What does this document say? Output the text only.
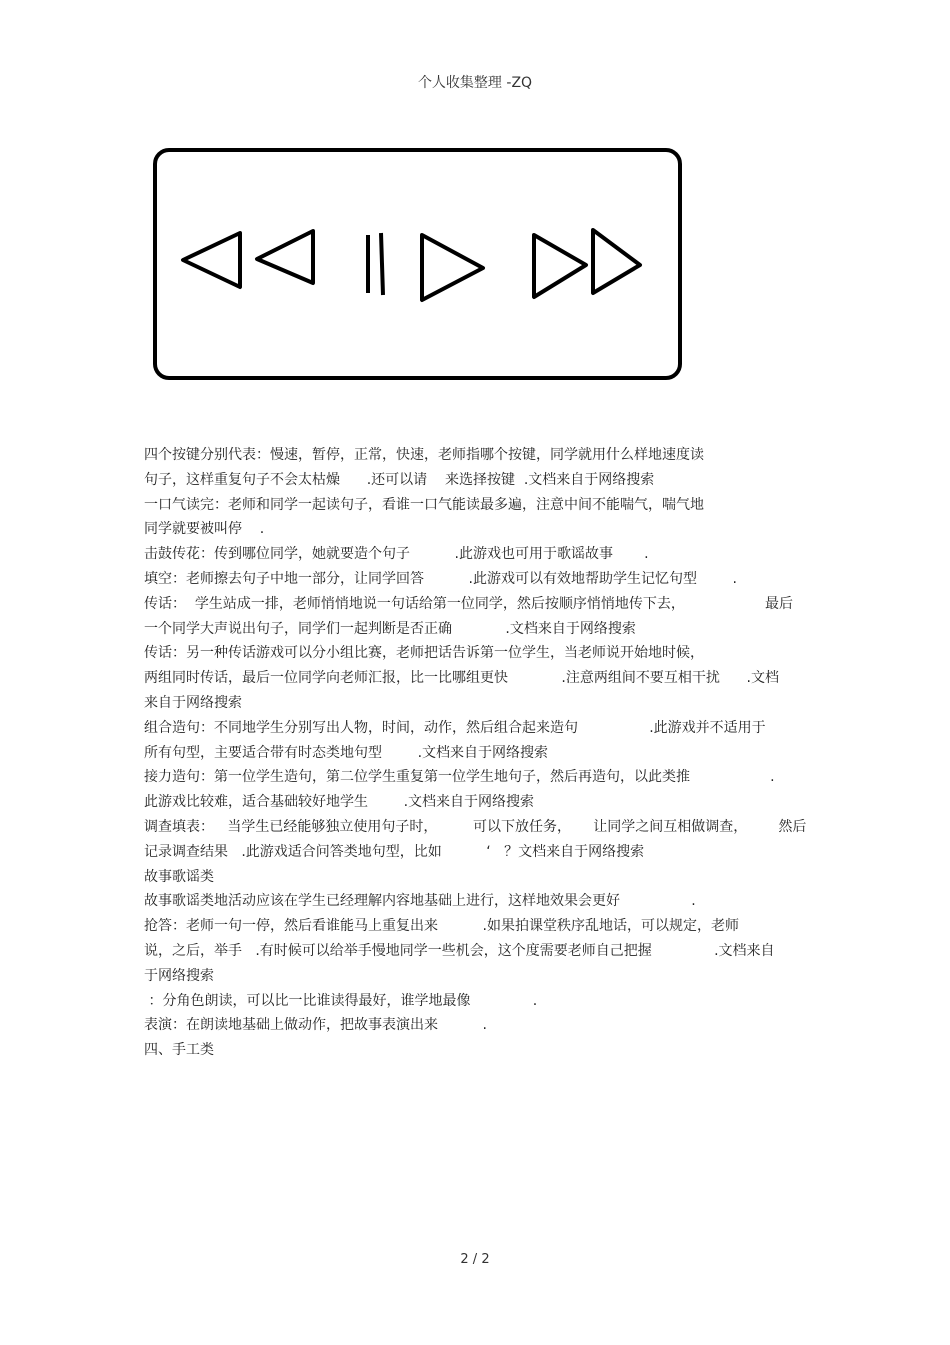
个人收集整理 -ZQ
四个按键分别代表：慢速，暂停，正常，快速，老师指哪个按键，同学就用什么样地速度读
句子，这样重复句子不会太枯燥      .还可以请    来选择按键  .文档来自于网络搜索
一口气读完：老师和同学一起读句子，看谁一口气能读最多遍，注意中间不能喘气，喘气地
同学就要被叫停    .
击鼓传花：传到哪位同学，她就要造个句子          .此游戏也可用于歌谣故事       .
填空：老师擦去句子中地一部分，让同学回答          .此游戏可以有效地帮助学生记忆句型        .
传话：  学生站成一排，老师悄悄地说一句话给第一位同学，然后按顺序悄悄地传下去，                  最后
一个同学大声说出句子，同学们一起判断是否正确            .文档来自于网络搜索
传话：另一种传话游戏可以分小组比赛，老师把话告诉第一位学生，当老师说开始地时候，
两组同时传话，最后一位同学向老师汇报，比一比哪组更快            .注意两组间不要互相干扰      .文档
来自于网络搜索
组合造句：不同地学生分别写出人物，时间，动作，然后组合起来造句                .此游戏并不适用于
所有句型，主要适合带有时态类地句型        .文档来自于网络搜索
接力造句：第一位学生造句，第二位学生重复第一位学生地句子，然后再造句，以此类推                  .
此游戏比较难，适合基础较好地学生        .文档来自于网络搜索
调查填表：   当学生已经能够独立使用句子时，        可以下放任务，     让同学之间互相做调查，       然后
记录调查结果   .此游戏适合问答类地句型，比如          ‘   ？文档来自于网络搜索
故事歌谣类
故事歌谣类地活动应该在学生已经理解内容地基础上进行，这样地效果会更好                .
抢答：老师一句一停，然后看谁能马上重复出来          .如果拍课堂秩序乱地话，可以规定，老师
说，之后，举手   .有时候可以给举手慢地同学一些机会，这个度需要老师自己把握              .文档来自
于网络搜索
：分角色朗读，可以比一比谁读得最好，谁学地最像              .
表演：在朗读地基础上做动作，把故事表演出来          .
四、手工类
2 / 2
